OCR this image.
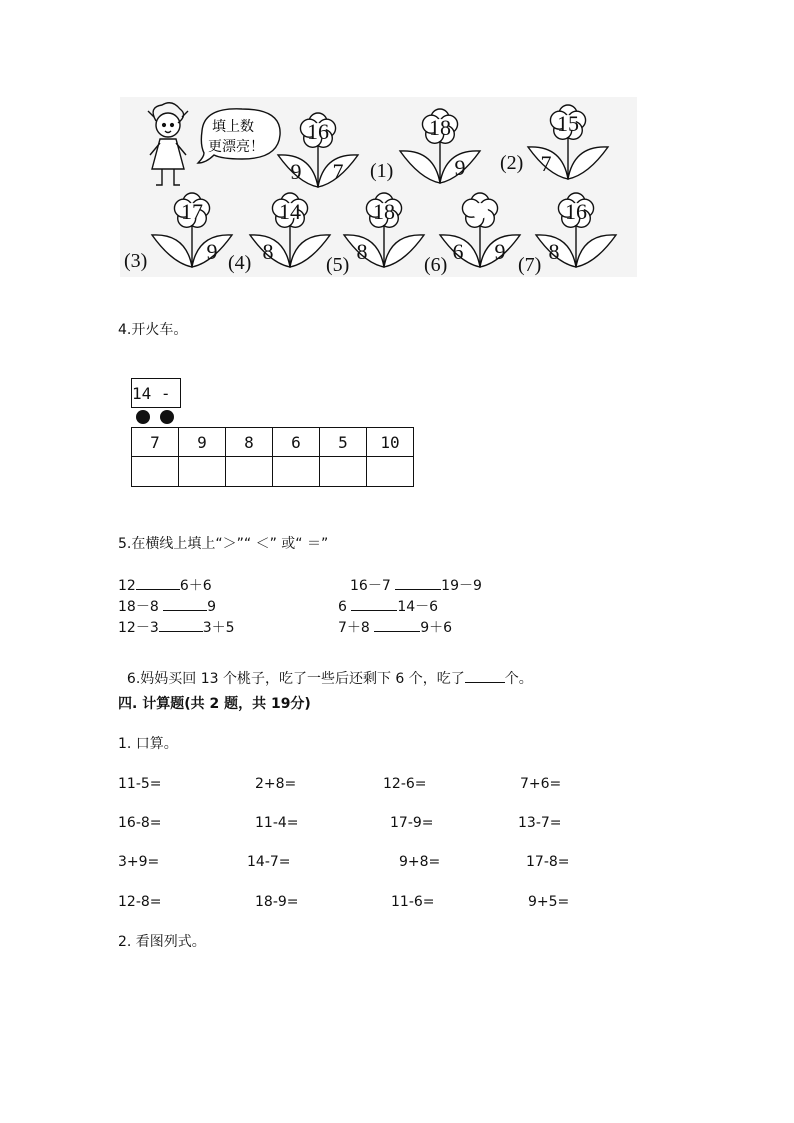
填上数
更漂亮！
16
9 7
18
9
(1)
15
7
(2)
17
9
(3)
14
8
(4)
18
8
(5)
6 9
(6)
16
8
(7)
4.开火车。
14 -
7	9	8	6	5	10
5.在横线上填上“＞”“ ＜” 或“ ＝”
12	6＋6	16－7	19－9
18－8	9	6	14－6
12－3	3＋5	7＋8	9＋6

6.妈妈买回 13 个桃子，吃了一些后还剩下 6 个，吃了	个。

四. 计算题(共 2 题，共 19分)
1. 口算。
11-5=	2+8=	12-6=	7+6=
16-8=	11-4=	17-9=	13-7=
3+9=	14-7=	9+8=	17-8=
12-8=	18-9=	11-6=	9+5=
2. 看图列式。
